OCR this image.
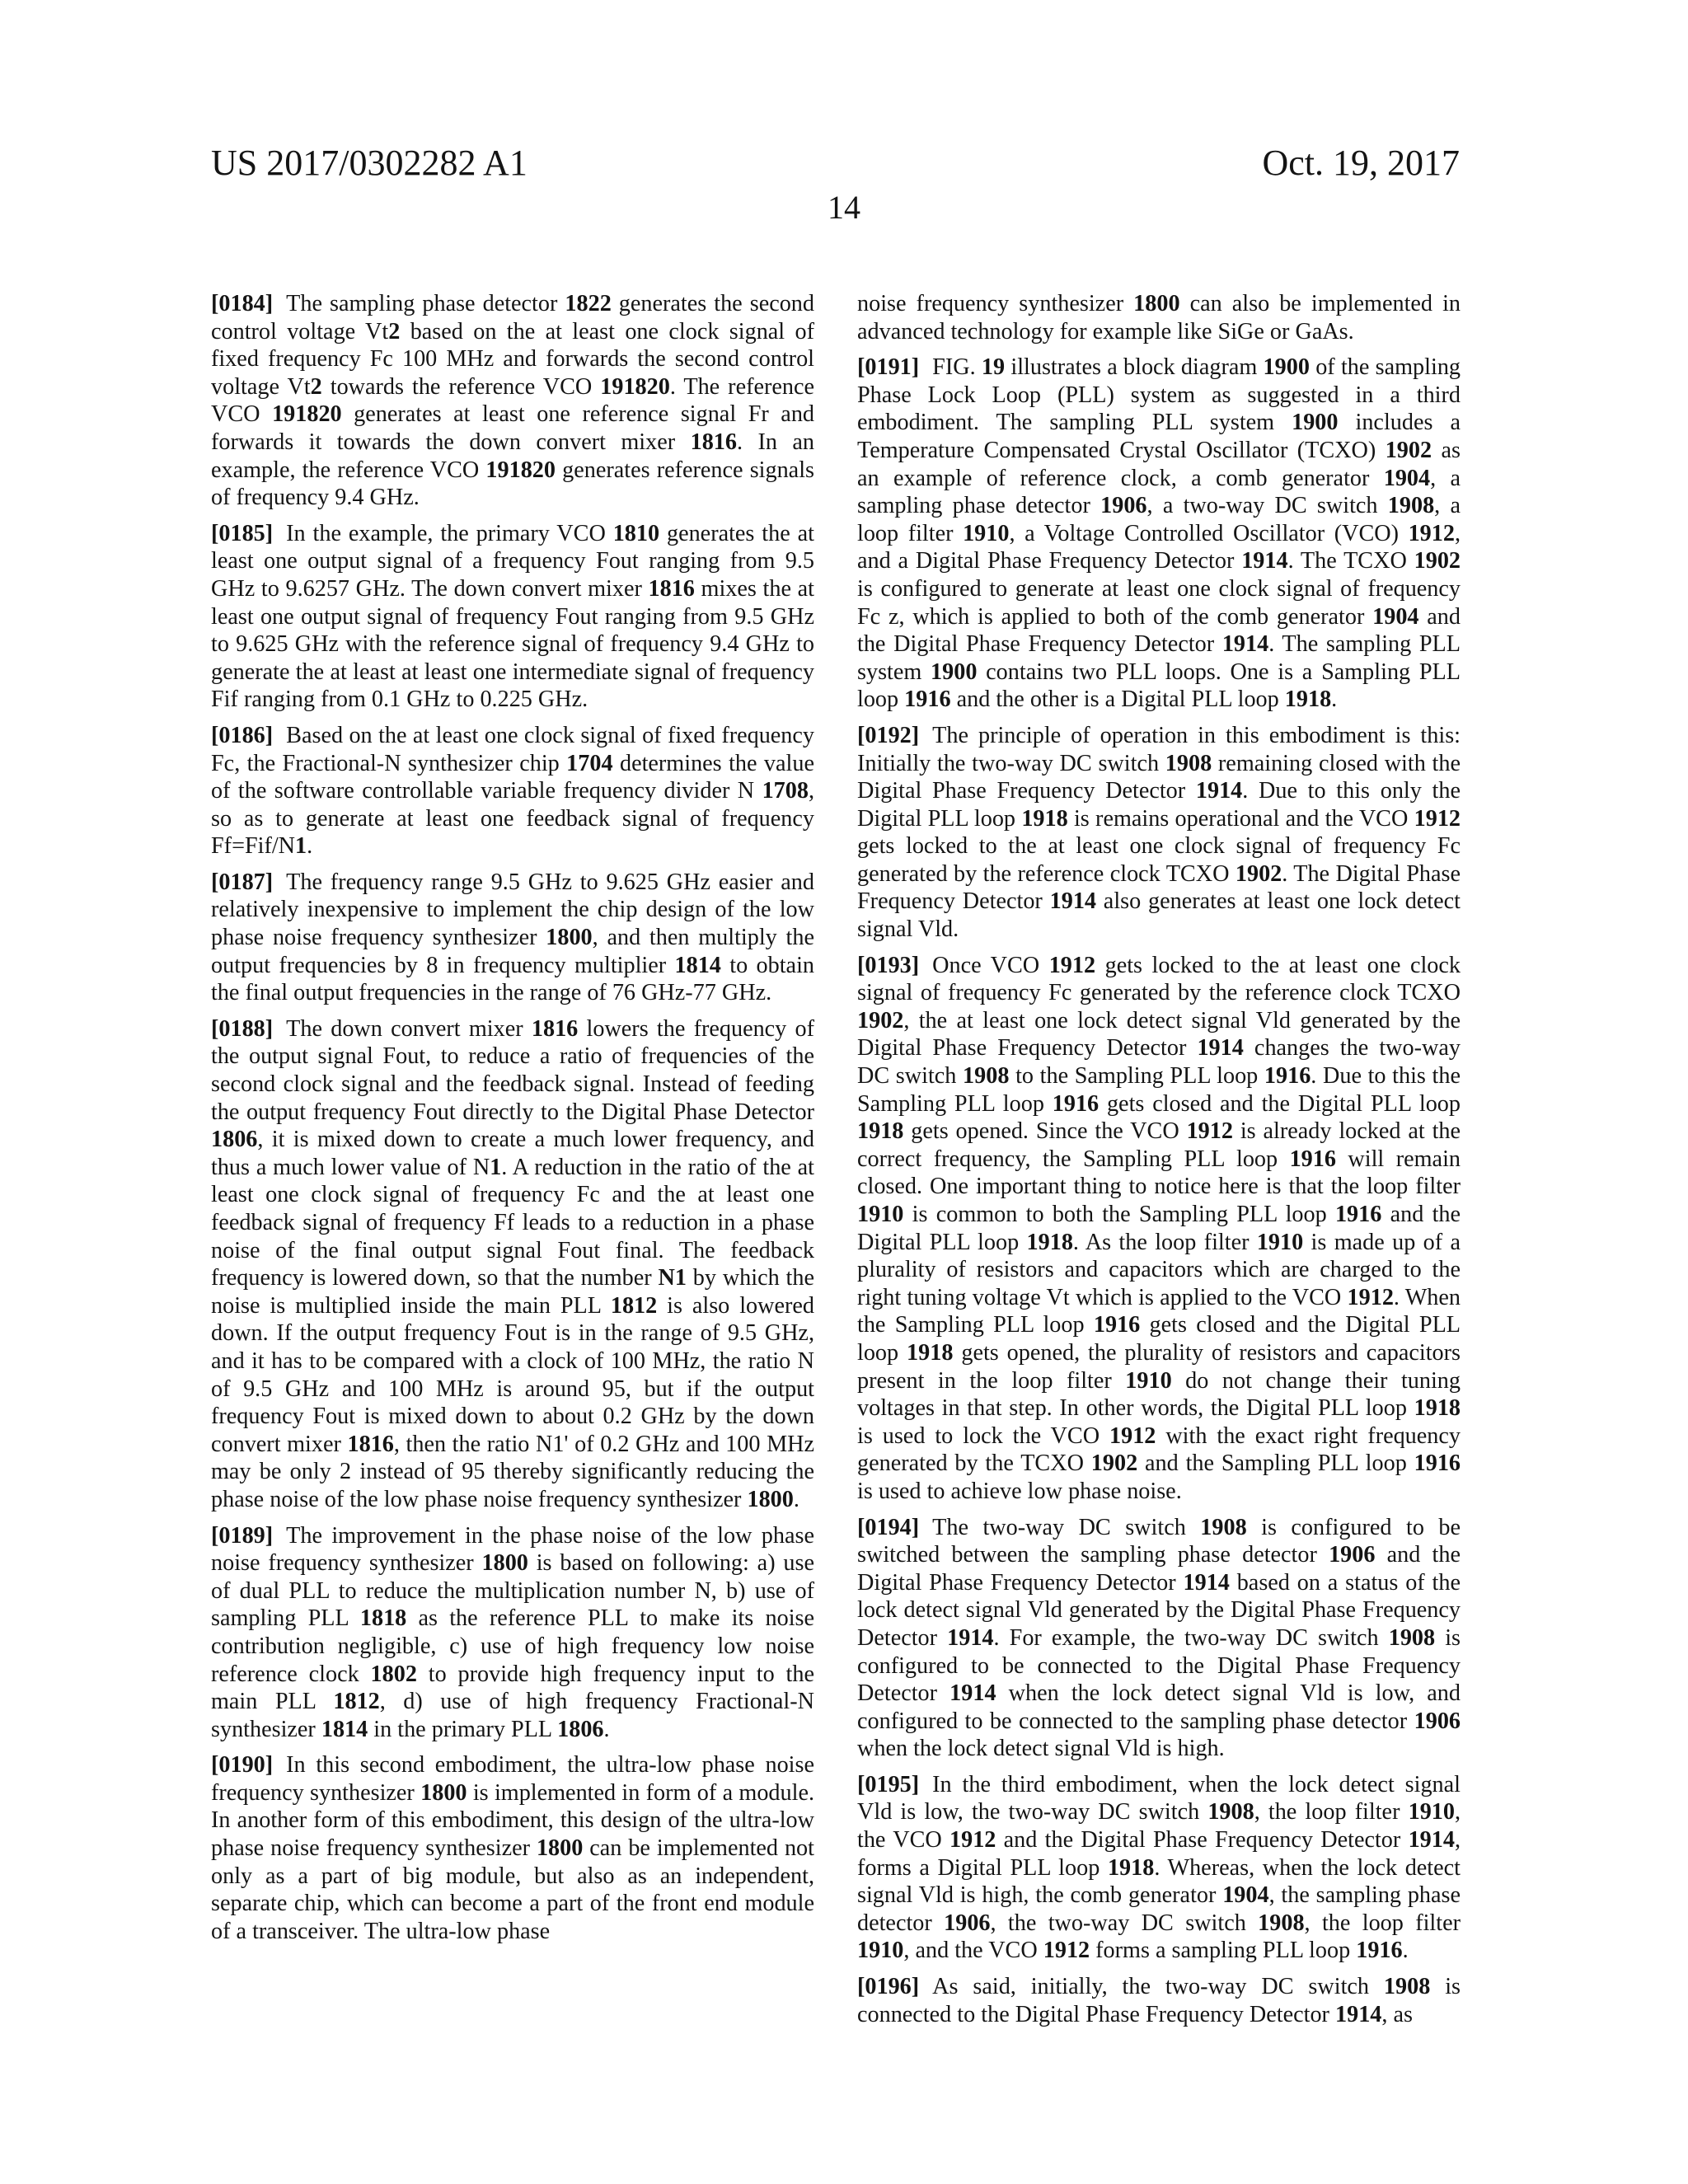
US 2017/0302282 A1	Oct. 19, 2017
14

[0184] The sampling phase detector 1822 generates the second control voltage Vt2 based on the at least one clock signal of fixed frequency Fc 100 MHz and forwards the second control voltage Vt2 towards the reference VCO 191820. The reference VCO 191820 generates at least one reference signal Fr and forwards it towards the down convert mixer 1816. In an example, the reference VCO 191820 generates reference signals of frequency 9.4 GHz.

[0185] In the example, the primary VCO 1810 generates the at least one output signal of a frequency Fout ranging from 9.5 GHz to 9.6257 GHz. The down convert mixer 1816 mixes the at least one output signal of frequency Fout ranging from 9.5 GHz to 9.625 GHz with the reference signal of frequency 9.4 GHz to generate the at least at least one intermediate signal of frequency Fif ranging from 0.1 GHz to 0.225 GHz.

[0186] Based on the at least one clock signal of fixed frequency Fc, the Fractional-N synthesizer chip 1704 determines the value of the software controllable variable frequency divider N 1708, so as to generate at least one feedback signal of frequency Ff=Fif/N1.

[0187] The frequency range 9.5 GHz to 9.625 GHz easier and relatively inexpensive to implement the chip design of the low phase noise frequency synthesizer 1800, and then multiply the output frequencies by 8 in frequency multiplier 1814 to obtain the final output frequencies in the range of 76 GHz-77 GHz.

[0188] The down convert mixer 1816 lowers the frequency of the output signal Fout, to reduce a ratio of frequencies of the second clock signal and the feedback signal. Instead of feeding the output frequency Fout directly to the Digital Phase Detector 1806, it is mixed down to create a much lower frequency, and thus a much lower value of N1. A reduction in the ratio of the at least one clock signal of frequency Fc and the at least one feedback signal of frequency Ff leads to a reduction in a phase noise of the final output signal Fout final. The feedback frequency is lowered down, so that the number N1 by which the noise is multiplied inside the main PLL 1812 is also lowered down. If the output frequency Fout is in the range of 9.5 GHz, and it has to be compared with a clock of 100 MHz, the ratio N of 9.5 GHz and 100 MHz is around 95, but if the output frequency Fout is mixed down to about 0.2 GHz by the down convert mixer 1816, then the ratio N1' of 0.2 GHz and 100 MHz may be only 2 instead of 95 thereby significantly reducing the phase noise of the low phase noise frequency synthesizer 1800.

[0189] The improvement in the phase noise of the low phase noise frequency synthesizer 1800 is based on following: a) use of dual PLL to reduce the multiplication number N, b) use of sampling PLL 1818 as the reference PLL to make its noise contribution negligible, c) use of high frequency low noise reference clock 1802 to provide high frequency input to the main PLL 1812, d) use of high frequency Fractional-N synthesizer 1814 in the primary PLL 1806.

[0190] In this second embodiment, the ultra-low phase noise frequency synthesizer 1800 is implemented in form of a module. In another form of this embodiment, this design of the ultra-low phase noise frequency synthesizer 1800 can be implemented not only as a part of big module, but also as an independent, separate chip, which can become a part of the front end module of a transceiver. The ultra-low phase

noise frequency synthesizer 1800 can also be implemented in advanced technology for example like SiGe or GaAs.

[0191] FIG. 19 illustrates a block diagram 1900 of the sampling Phase Lock Loop (PLL) system as suggested in a third embodiment. The sampling PLL system 1900 includes a Temperature Compensated Crystal Oscillator (TCXO) 1902 as an example of reference clock, a comb generator 1904, a sampling phase detector 1906, a two-way DC switch 1908, a loop filter 1910, a Voltage Controlled Oscillator (VCO) 1912, and a Digital Phase Frequency Detector 1914. The TCXO 1902 is configured to generate at least one clock signal of frequency Fc z, which is applied to both of the comb generator 1904 and the Digital Phase Frequency Detector 1914. The sampling PLL system 1900 contains two PLL loops. One is a Sampling PLL loop 1916 and the other is a Digital PLL loop 1918.

[0192] The principle of operation in this embodiment is this: Initially the two-way DC switch 1908 remaining closed with the Digital Phase Frequency Detector 1914. Due to this only the Digital PLL loop 1918 is remains operational and the VCO 1912 gets locked to the at least one clock signal of frequency Fc generated by the reference clock TCXO 1902. The Digital Phase Frequency Detector 1914 also generates at least one lock detect signal Vld.

[0193] Once VCO 1912 gets locked to the at least one clock signal of frequency Fc generated by the reference clock TCXO 1902, the at least one lock detect signal Vld generated by the Digital Phase Frequency Detector 1914 changes the two-way DC switch 1908 to the Sampling PLL loop 1916. Due to this the Sampling PLL loop 1916 gets closed and the Digital PLL loop 1918 gets opened. Since the VCO 1912 is already locked at the correct frequency, the Sampling PLL loop 1916 will remain closed. One important thing to notice here is that the loop filter 1910 is common to both the Sampling PLL loop 1916 and the Digital PLL loop 1918. As the loop filter 1910 is made up of a plurality of resistors and capacitors which are charged to the right tuning voltage Vt which is applied to the VCO 1912. When the Sampling PLL loop 1916 gets closed and the Digital PLL loop 1918 gets opened, the plurality of resistors and capacitors present in the loop filter 1910 do not change their tuning voltages in that step. In other words, the Digital PLL loop 1918 is used to lock the VCO 1912 with the exact right frequency generated by the TCXO 1902 and the Sampling PLL loop 1916 is used to achieve low phase noise.

[0194] The two-way DC switch 1908 is configured to be switched between the sampling phase detector 1906 and the Digital Phase Frequency Detector 1914 based on a status of the lock detect signal Vld generated by the Digital Phase Frequency Detector 1914. For example, the two-way DC switch 1908 is configured to be connected to the Digital Phase Frequency Detector 1914 when the lock detect signal Vld is low, and configured to be connected to the sampling phase detector 1906 when the lock detect signal Vld is high.

[0195] In the third embodiment, when the lock detect signal Vld is low, the two-way DC switch 1908, the loop filter 1910, the VCO 1912 and the Digital Phase Frequency Detector 1914, forms a Digital PLL loop 1918. Whereas, when the lock detect signal Vld is high, the comb generator 1904, the sampling phase detector 1906, the two-way DC switch 1908, the loop filter 1910, and the VCO 1912 forms a sampling PLL loop 1916.

[0196] As said, initially, the two-way DC switch 1908 is connected to the Digital Phase Frequency Detector 1914, as
